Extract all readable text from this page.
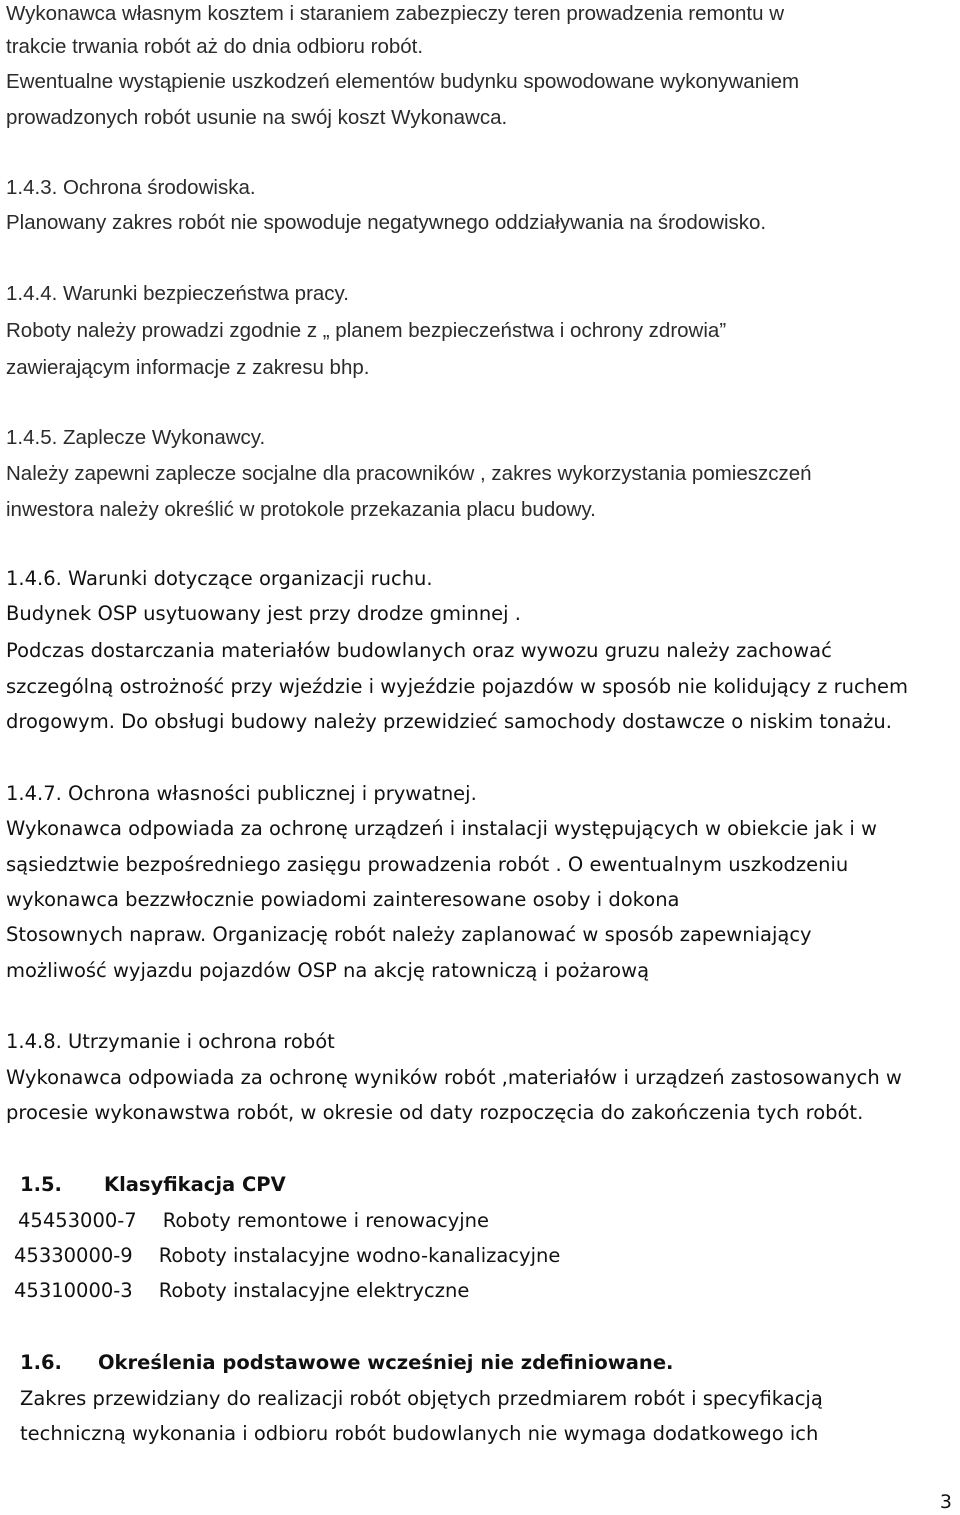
Wykonawca własnym kosztem i staraniem zabezpieczy teren prowadzenia remontu w
trakcie trwania robót aż do dnia odbioru robót.
Ewentualne wystąpienie uszkodzeń elementów budynku spowodowane wykonywaniem
prowadzonych robót usunie na swój koszt Wykonawca.
1.4.3. Ochrona środowiska.
Planowany zakres robót nie spowoduje negatywnego oddziaływania na środowisko.
1.4.4. Warunki bezpieczeństwa pracy.
Roboty należy prowadzi zgodnie z „ planem bezpieczeństwa i ochrony zdrowia”
zawierającym informacje z zakresu bhp.
1.4.5. Zaplecze Wykonawcy.
Należy zapewni zaplecze socjalne dla pracowników , zakres wykorzystania pomieszczeń
inwestora należy określić w protokole przekazania placu budowy.
1.4.6. Warunki dotyczące organizacji ruchu.
Budynek OSP usytuowany jest przy drodze gminnej .
Podczas dostarczania materiałów budowlanych oraz wywozu gruzu należy zachować
szczególną ostrożność przy wjeździe i wyjeździe pojazdów w sposób nie kolidujący z ruchem
drogowym. Do obsługi budowy należy przewidzieć samochody dostawcze o niskim tonażu.
1.4.7. Ochrona własności publicznej i prywatnej.
Wykonawca odpowiada za ochronę urządzeń i instalacji występujących w obiekcie jak i w
sąsiedztwie bezpośredniego zasięgu prowadzenia robót . O ewentualnym uszkodzeniu
wykonawca bezzwłocznie powiadomi zainteresowane osoby i dokona
Stosownych napraw. Organizację robót należy zaplanować w sposób zapewniający
możliwość wyjazdu pojazdów OSP na akcję ratowniczą i pożarową
1.4.8. Utrzymanie i ochrona robót
Wykonawca odpowiada za ochronę wyników robót ,materiałów i urządzeń zastosowanych w
procesie wykonawstwa robót, w okresie od daty rozpoczęcia do zakończenia tych robót.
1.5. Klasyfikacja CPV
45453000-7 Roboty remontowe i renowacyjne
45330000-9 Roboty instalacyjne wodno-kanalizacyjne
45310000-3 Roboty instalacyjne elektryczne
1.6. Określenia podstawowe wcześniej nie zdefiniowane.
Zakres przewidziany do realizacji robót objętych przedmiarem robót i specyfikacją
techniczną wykonania i odbioru robót budowlanych nie wymaga dodatkowego ich
3
